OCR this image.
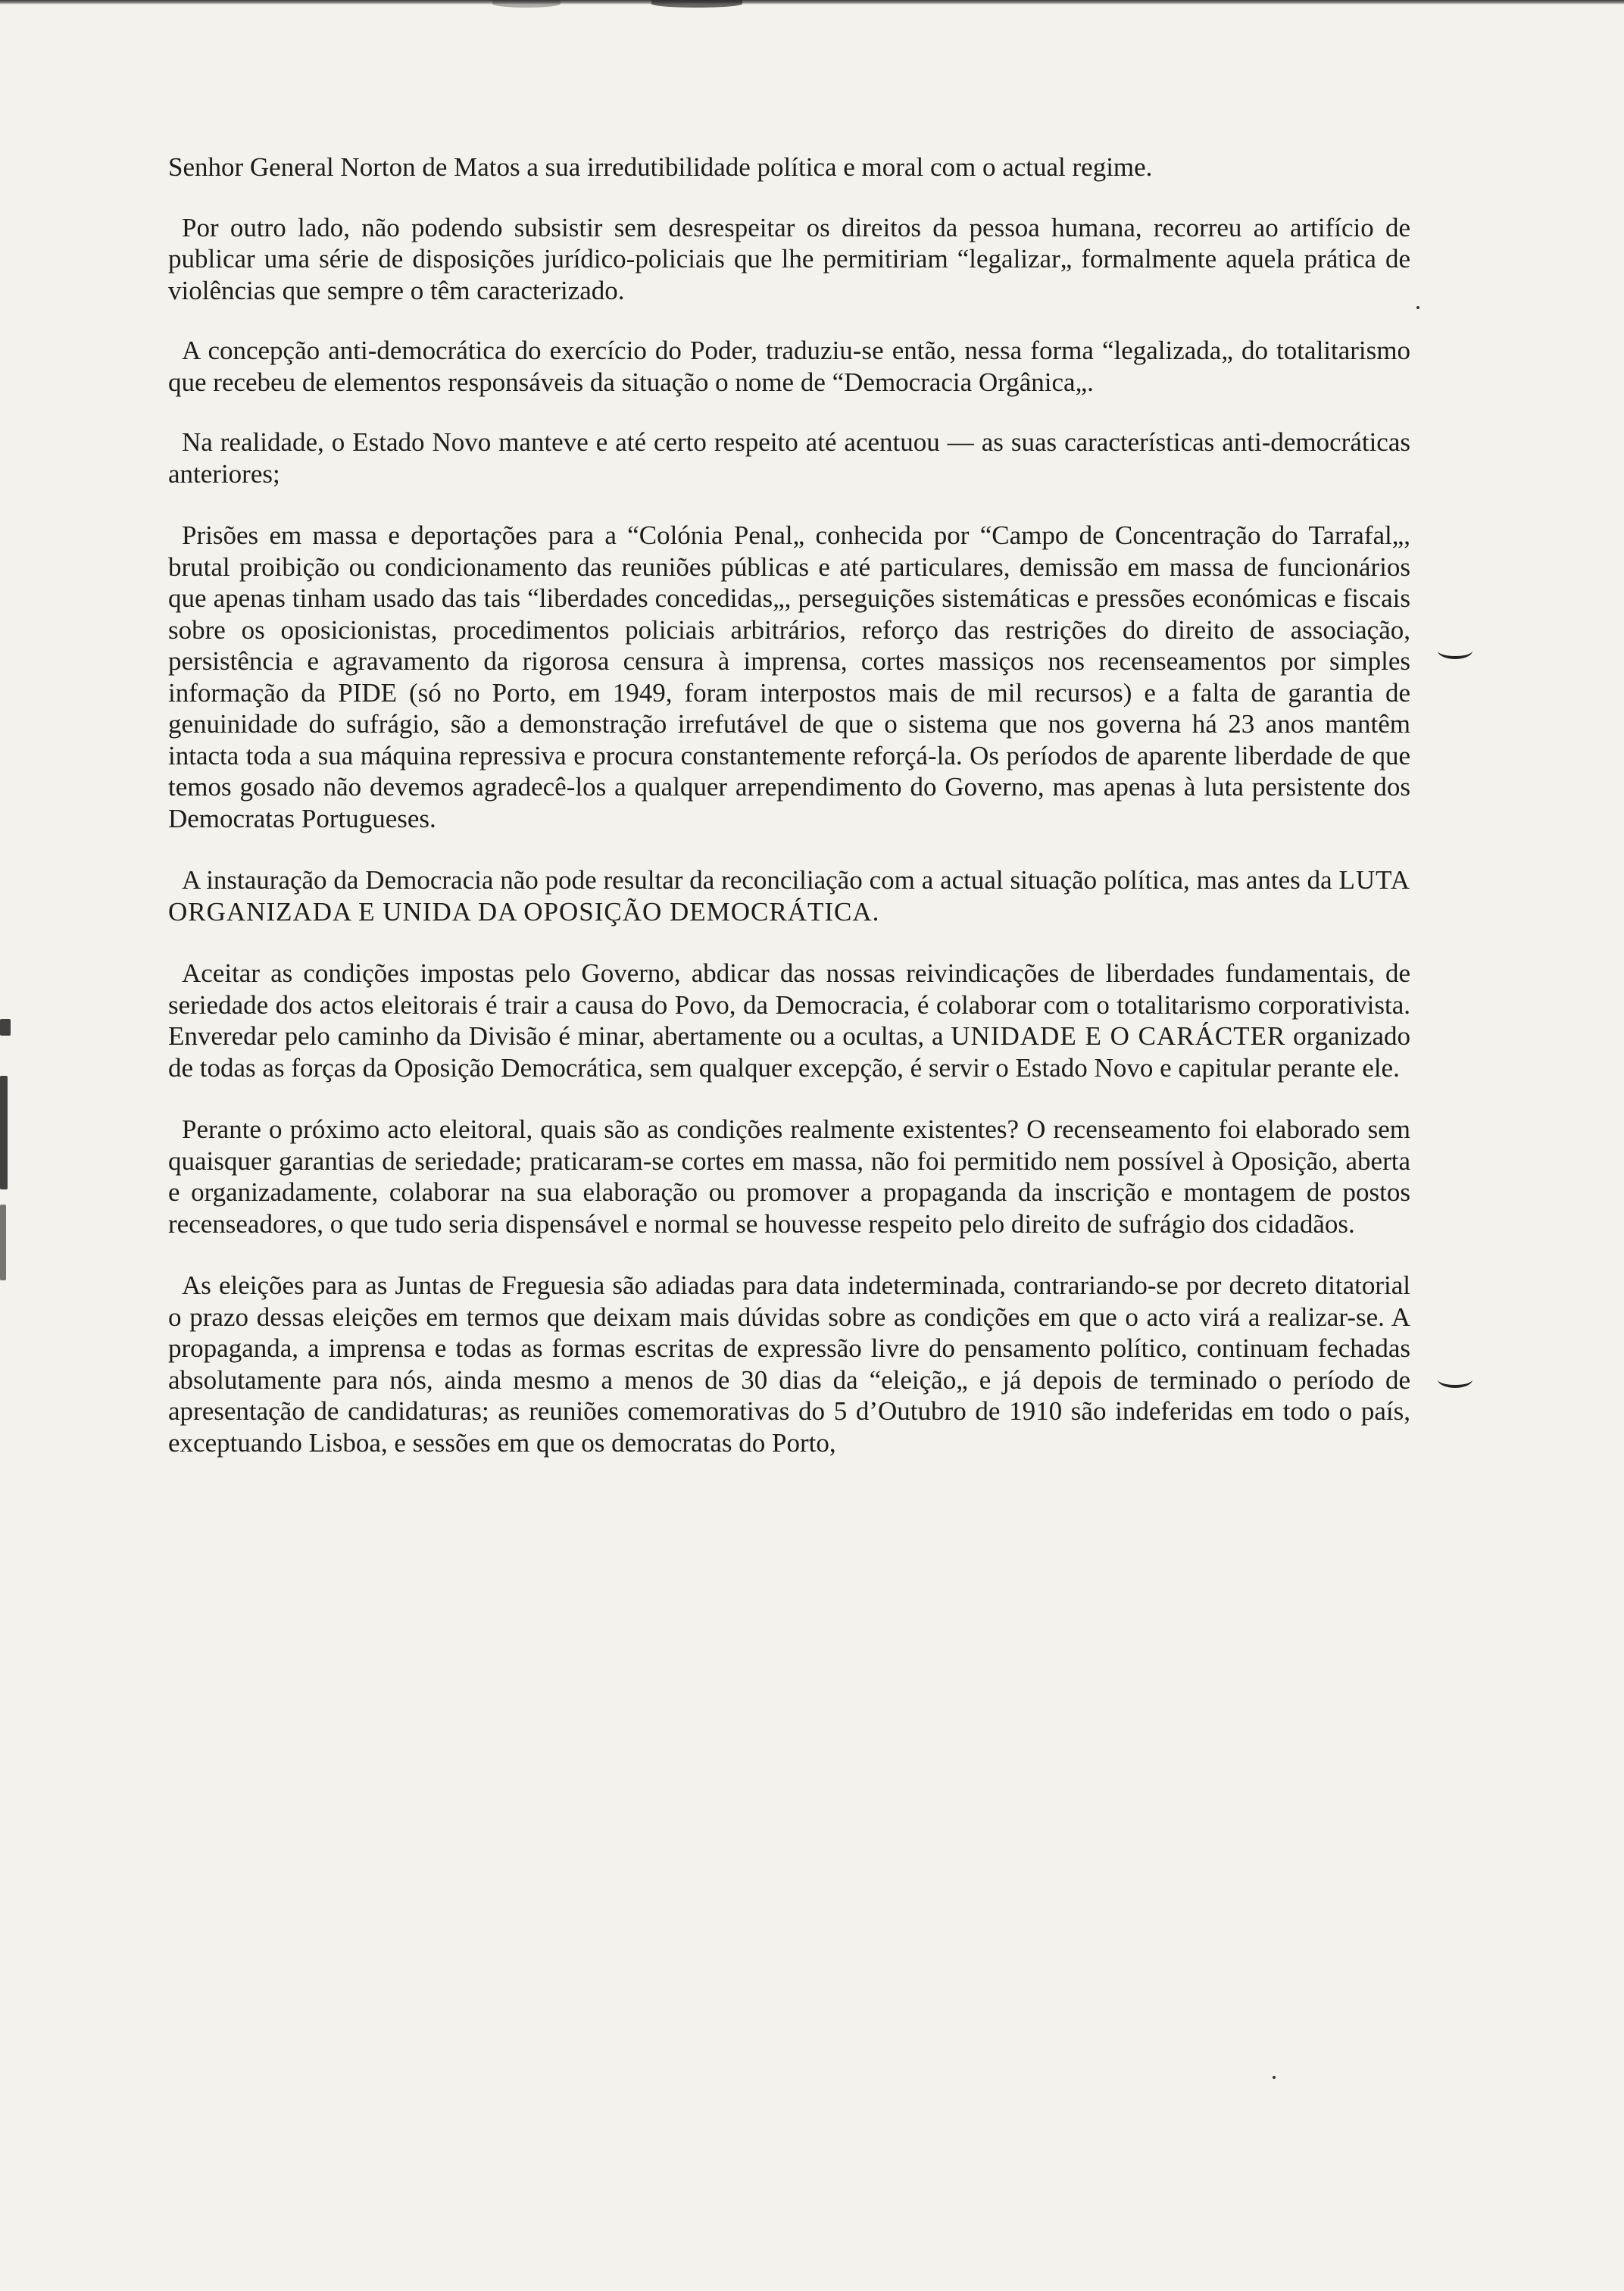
Senhor General Norton de Matos a sua irredutibilidade política e moral com o actual regime.

Por outro lado, não podendo subsistir sem desrespeitar os direitos da pessoa humana, recorreu ao artifício de publicar uma série de disposições jurídico-policiais que lhe permitiriam “legalizar„ formalmente aquela prática de violências que sempre o têm caracterizado.

A concepção anti-democrática do exercício do Poder, traduziu-se então, nessa forma “legalizada„ do totalitarismo que recebeu de elementos responsáveis da situação o nome de “Democracia Orgânica„.

Na realidade, o Estado Novo manteve e até certo respeito até acentuou — as suas características anti-democráticas anteriores;

Prisões em massa e deportações para a “Colónia Penal„ conhecida por “Campo de Concentração do Tarrafal„, brutal proibição ou condicionamento das reuniões públicas e até particulares, demissão em massa de funcionários que apenas tinham usado das tais “liberdades concedidas„, perseguições sistemáticas e pressões económicas e fiscais sobre os oposicionistas, procedimentos policiais arbitrários, reforço das restrições do direito de associação, persistência e agravamento da rigorosa censura à imprensa, cortes massiços nos recenseamentos por simples informação da PIDE (só no Porto, em 1949, foram interpostos mais de mil recursos) e a falta de garantia de genuinidade do sufrágio, são a demonstração irrefutável de que o sistema que nos governa há 23 anos mantêm intacta toda a sua máquina repressiva e procura constantemente reforçá-la. Os períodos de aparente liberdade de que temos gosado não devemos agradecê-los a qualquer arrependimento do Governo, mas apenas à luta persistente dos Democratas Portugueses.

A instauração da Democracia não pode resultar da reconciliação com a actual situação política, mas antes da LUTA ORGANIZADA E UNIDA DA OPOSIÇÃO DEMOCRÁTICA.

Aceitar as condições impostas pelo Governo, abdicar das nossas reivindicações de liberdades fundamentais, de seriedade dos actos eleitorais é trair a causa do Povo, da Democracia, é colaborar com o totalitarismo corporativista. Enveredar pelo caminho da Divisão é minar, abertamente ou a ocultas, a UNIDADE E O CARÁCTER organizado de todas as forças da Oposição Democrática, sem qualquer excepção, é servir o Estado Novo e capitular perante ele.

Perante o próximo acto eleitoral, quais são as condições realmente existentes? O recenseamento foi elaborado sem quaisquer garantias de seriedade; praticaram-se cortes em massa, não foi permitido nem possível à Oposição, aberta e organizadamente, colaborar na sua elaboração ou promover a propaganda da inscrição e montagem de postos recenseadores, o que tudo seria dispensável e normal se houvesse respeito pelo direito de sufrágio dos cidadãos.

As eleições para as Juntas de Freguesia são adiadas para data indeterminada, contrariando-se por decreto ditatorial o prazo dessas eleições em termos que deixam mais dúvidas sobre as condições em que o acto virá a realizar-se. A propaganda, a imprensa e todas as formas escritas de expressão livre do pensamento político, continuam fechadas absolutamente para nós, ainda mesmo a menos de 30 dias da “eleição„ e já depois de terminado o período de apresentação de candidaturas; as reuniões comemorativas do 5 d’Outubro de 1910 são indeferidas em todo o país, exceptuando Lisboa, e sessões em que os democratas do Porto,
